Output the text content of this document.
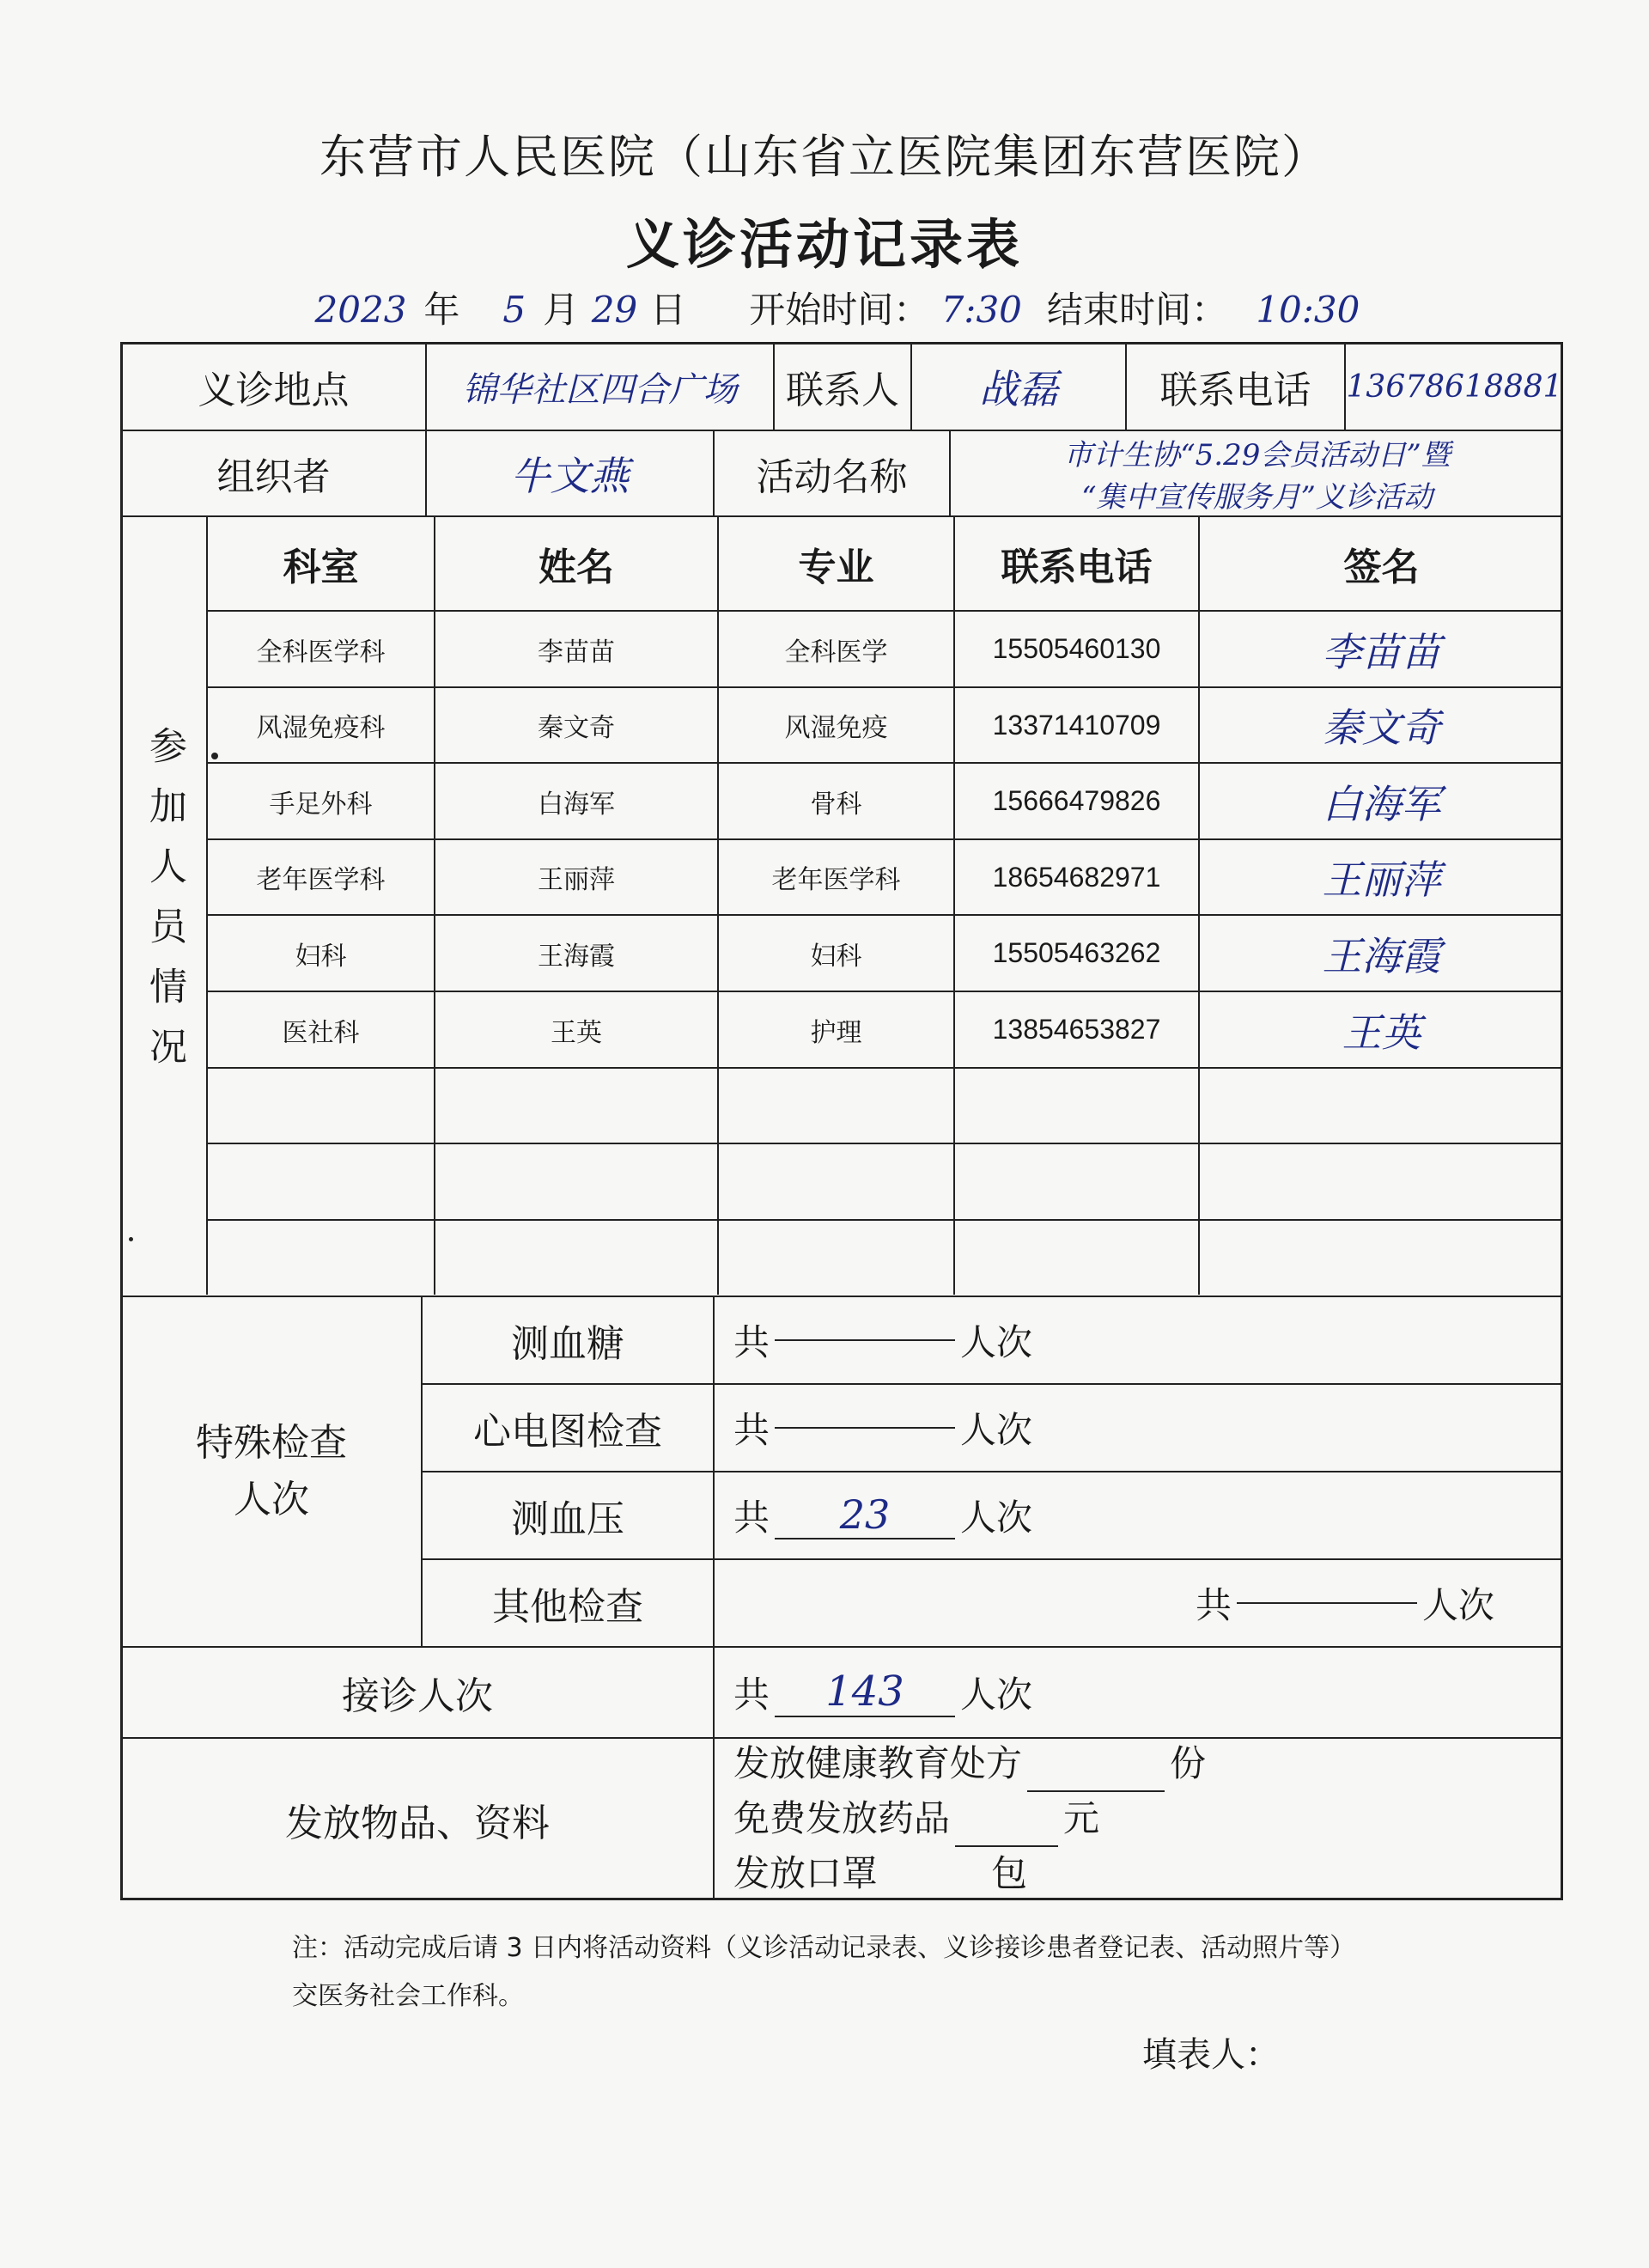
东营市人民医院（山东省立医院集团东营医院）
义诊活动记录表
2023 年 5 月 29 日 开始时间： 7:30 结束时间： 10:30
义诊地点	锦华社区四合广场	联系人	战磊	联系电话	13678618881
组织者	牛文燕	活动名称	市计生协“5.29会员活动日”暨
“集中宣传服务月”义诊活动
参加人员情况
科室	姓名	专业	联系电话	签名
全科医学科	李苗苗	全科医学	15505460130	李苗苗
风湿免疫科	秦文奇	风湿免疫	13371410709	秦文奇
手足外科	白海军	骨科	15666479826	白海军
老年医学科	王丽萍	老年医学科	18654682971	王丽萍
妇科	王海霞	妇科	15505463262	王海霞
医社科	王英	护理	13854653827	王英
特殊检查人次
测血糖	共	人次
心电图检查	共	人次
测血压	共	23	人次
其他检查	共	人次
接诊人次	共	143	人次
发放物品、资料
发放健康教育处方	份
免费发放药品	元
发放口罩	包
注：活动完成后请 3 日内将活动资料（义诊活动记录表、义诊接诊患者登记表、活动照片等）
交医务社会工作科。
填表人：
